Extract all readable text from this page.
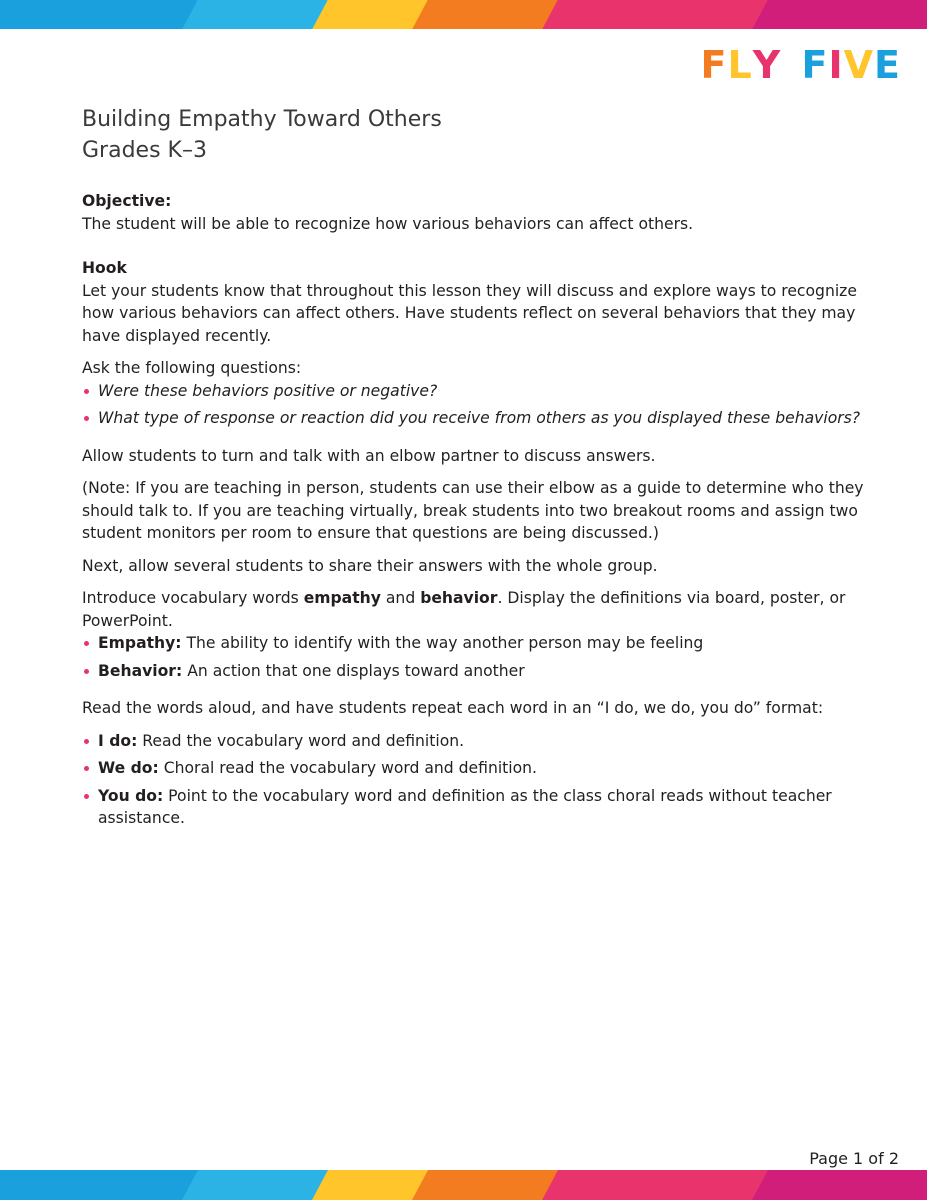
FLY FIVE
Building Empathy Toward Others
Grades K–3

Objective:

The student will be able to recognize how various behaviors can affect others.

Hook

Let your students know that throughout this lesson they will discuss and explore ways to recognize how various behaviors can affect others. Have students reflect on several behaviors that they may have displayed recently.

Ask the following questions:

Were these behaviors positive or negative?
What type of response or reaction did you receive from others as you displayed these behaviors?

Allow students to turn and talk with an elbow partner to discuss answers.

(Note: If you are teaching in person, students can use their elbow as a guide to determine who they should talk to. If you are teaching virtually, break students into two breakout rooms and assign two student monitors per room to ensure that questions are being discussed.)

Next, allow several students to share their answers with the whole group.

Introduce vocabulary words empathy and behavior. Display the definitions via board, poster, or PowerPoint.

Empathy: The ability to identify with the way another person may be feeling
Behavior: An action that one displays toward another

Read the words aloud, and have students repeat each word in an “I do, we do, you do” format:

I do: Read the vocabulary word and definition.
We do: Choral read the vocabulary word and definition.
You do: Point to the vocabulary word and definition as the class choral reads without teacher assistance.
Page 1 of 2
